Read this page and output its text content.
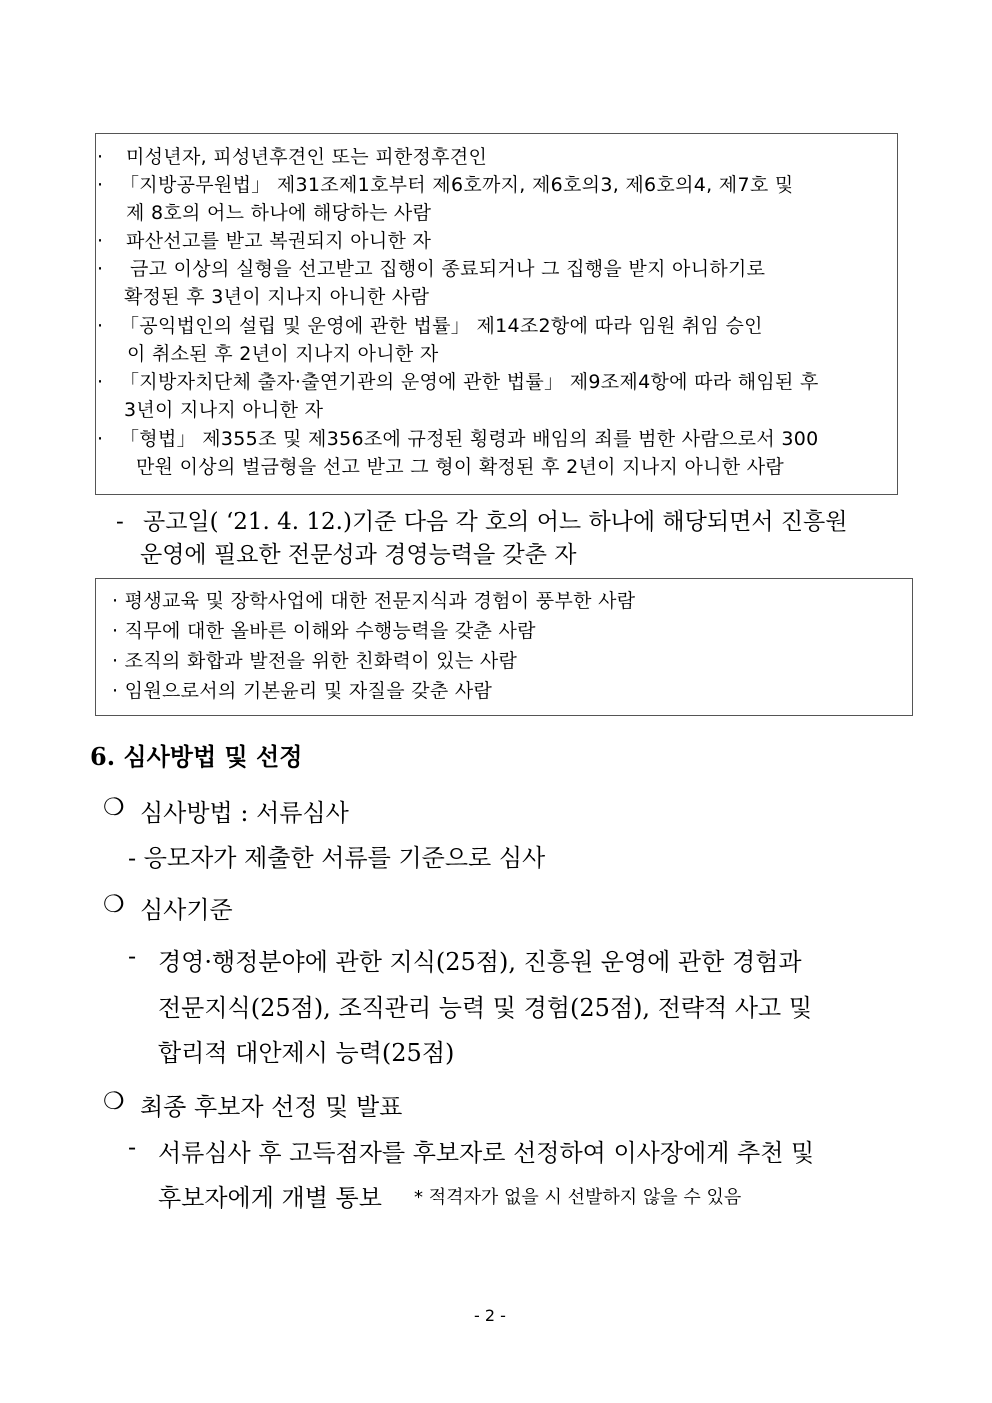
· 미성년자, 피성년후견인 또는 피한정후견인
· 「지방공무원법」 제31조제1호부터 제6호까지, 제6호의3, 제6호의4, 제7호 및
제 8호의 어느 하나에 해당하는 사람
· 파산선고를 받고 복권되지 아니한 자
· 금고 이상의 실형을 선고받고 집행이 종료되거나 그 집행을 받지 아니하기로
확정된 후 3년이 지나지 아니한 사람
· 「공익법인의 설립 및 운영에 관한 법률」 제14조2항에 따라 임원 취임 승인
이 취소된 후 2년이 지나지 아니한 자
· 「지방자치단체 출자·출연기관의 운영에 관한 법률」 제9조제4항에 따라 해임된 후
3년이 지나지 아니한 자
· 「형법」 제355조 및 제356조에 규정된 횡령과 배임의 죄를 범한 사람으로서 300
만원 이상의 벌금형을 선고 받고 그 형이 확정된 후 2년이 지나지 아니한 사람
- 공고일( ‘21. 4. 12.)기준 다음 각 호의 어느 하나에 해당되면서 진흥원
운영에 필요한 전문성과 경영능력을 갖춘 자
· 평생교육 및 장학사업에 대한 전문지식과 경험이 풍부한 사람
· 직무에 대한 올바른 이해와 수행능력을 갖춘 사람
· 조직의 화합과 발전을 위한 친화력이 있는 사람
· 임원으로서의 기본윤리 및 자질을 갖춘 사람
6. 심사방법 및 선정
❍ 심사방법 : 서류심사
- 응모자가 제출한 서류를 기준으로 심사
❍ 심사기준
- 경영·행정분야에 관한 지식(25점), 진흥원 운영에 관한 경험과
전문지식(25점), 조직관리 능력 및 경험(25점), 전략적 사고 및
합리적 대안제시 능력(25점)
❍ 최종 후보자 선정 및 발표
- 서류심사 후 고득점자를 후보자로 선정하여 이사장에게 추천 및
후보자에게 개별 통보 * 적격자가 없을 시 선발하지 않을 수 있음
- 2 -
